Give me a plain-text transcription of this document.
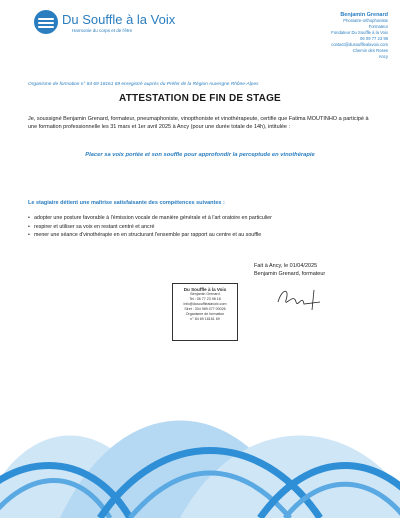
Du Souffle à la Voix
Harmonie du corps et de l'être
Benjamin Grenard
Phoniatre-orthophoniste
Formateur
Fondateur Du Souffle à la Voix
06 09 77 23 98
contact@dusoufflealavoix.com
Chemin des Roses
Ancy
Organisme de formation n° 84 69 18161 69 enregistré auprès du Préfet de la Région Auvergne Rhône-Alpes
ATTESTATION DE FIN DE STAGE
Je, soussigné Benjamin Grenard, formateur, pneumaphoniste, vinopthoniste et vinothérapeute, certifie que Fatima MOUTINHO a participé à une formation professionnelle les 31 mars et 1er avril 2025 à Ancy (pour une durée totale de 14h), intitulée :
Placer sa voix portée et son souffle pour approfondir la perceptude en vinothérapie
Le stagiaire détient une maîtrise satisfaisante des compétences suivantes :
• adopter une posture favorable à l'émission vocale de manière générale et à l'art oratoire en particulier
• respirer et utiliser sa voix en restant centré et ancré
• mener une séance d'vinothérapie en en structurant l'ensemble par rapport au centre et au souffle
Fait à Ancy, le 01/04/2025
Benjamin Grenard, formateur
Du Souffle à la Voix
Benjamin Grenard
Tel.: 06 77 23 98 18
info@dusoufflealavoix.com
Siret : 304 989 477 00026
Organisme de formation
n° 84 69 18161 69
